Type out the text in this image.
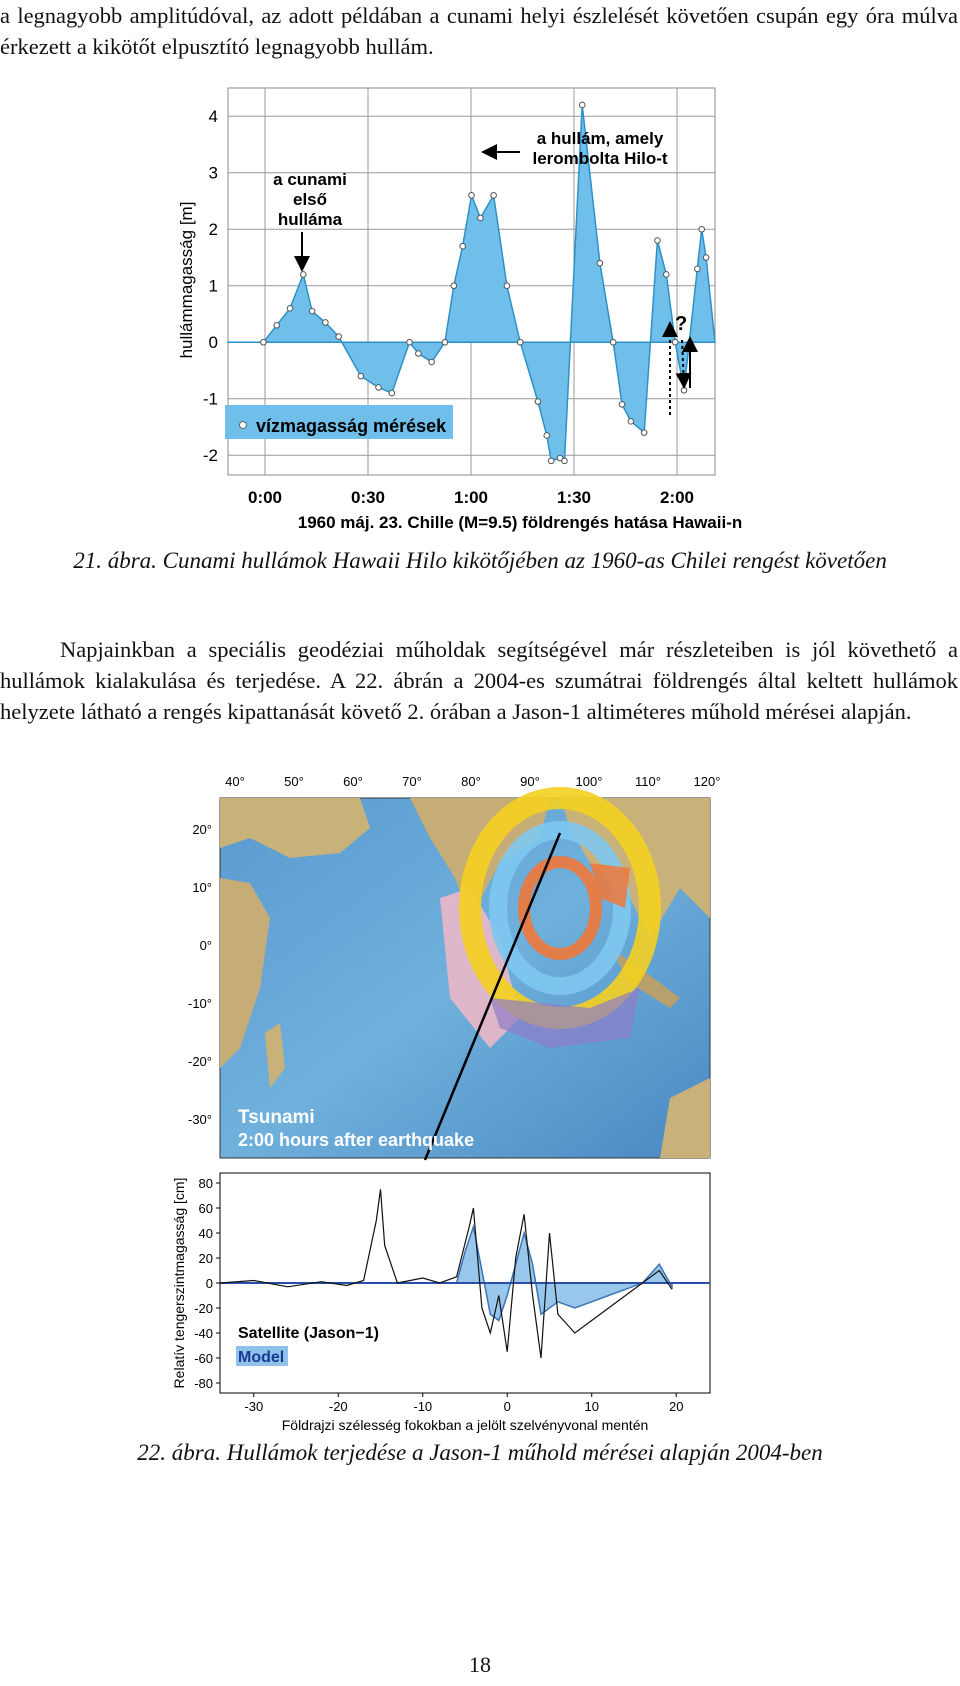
a legnagyobb amplitúdóval, az adott példában a cunami helyi észlelését követően csupán egy óra múlva érkezett a kikötőt elpusztító legnagyobb hullám.
4
3
2
1
0
-1
-2
0:00	0:30	1:00	1:30	2:00
hullámmagasság [m]
1960 máj. 23. Chille (M=9.5) földrengés hatása Hawaii-n
a cunami
első
hulláma
a hullám, amely
lerombolta Hilo-t
?
vízmagasság mérések
21. ábra. Cunami hullámok Hawaii Hilo kikötőjében az 1960-as Chilei rengést követően
Napjainkban a speciális geodéziai műholdak segítségével már részleteiben is jól követhető a hullámok kialakulása és terjedése. A 22. ábrán a 2004-es szumátrai földrengés által keltett hullámok helyzete látható a rengés kipattanását követő 2. órában a Jason-1 altiméteres műhold mérései alapján.
40°	50°	60°	70°	80°	90°	100°	110°	120°
20°
10°
0°
-10°
-20°
-30° Tsunami
2:00 hours after earthquake
80
60
40
20
0
-20
-40
-60
-80
-30	-20	-10	0	10	20
Relatív tengerszintmagasság [cm]
Földrajzi szélesség fokokban a jelölt szelvényvonal mentén
Satellite (Jason−1)
Model
22. ábra. Hullámok terjedése a Jason-1 műhold mérései alapján 2004-ben
18
